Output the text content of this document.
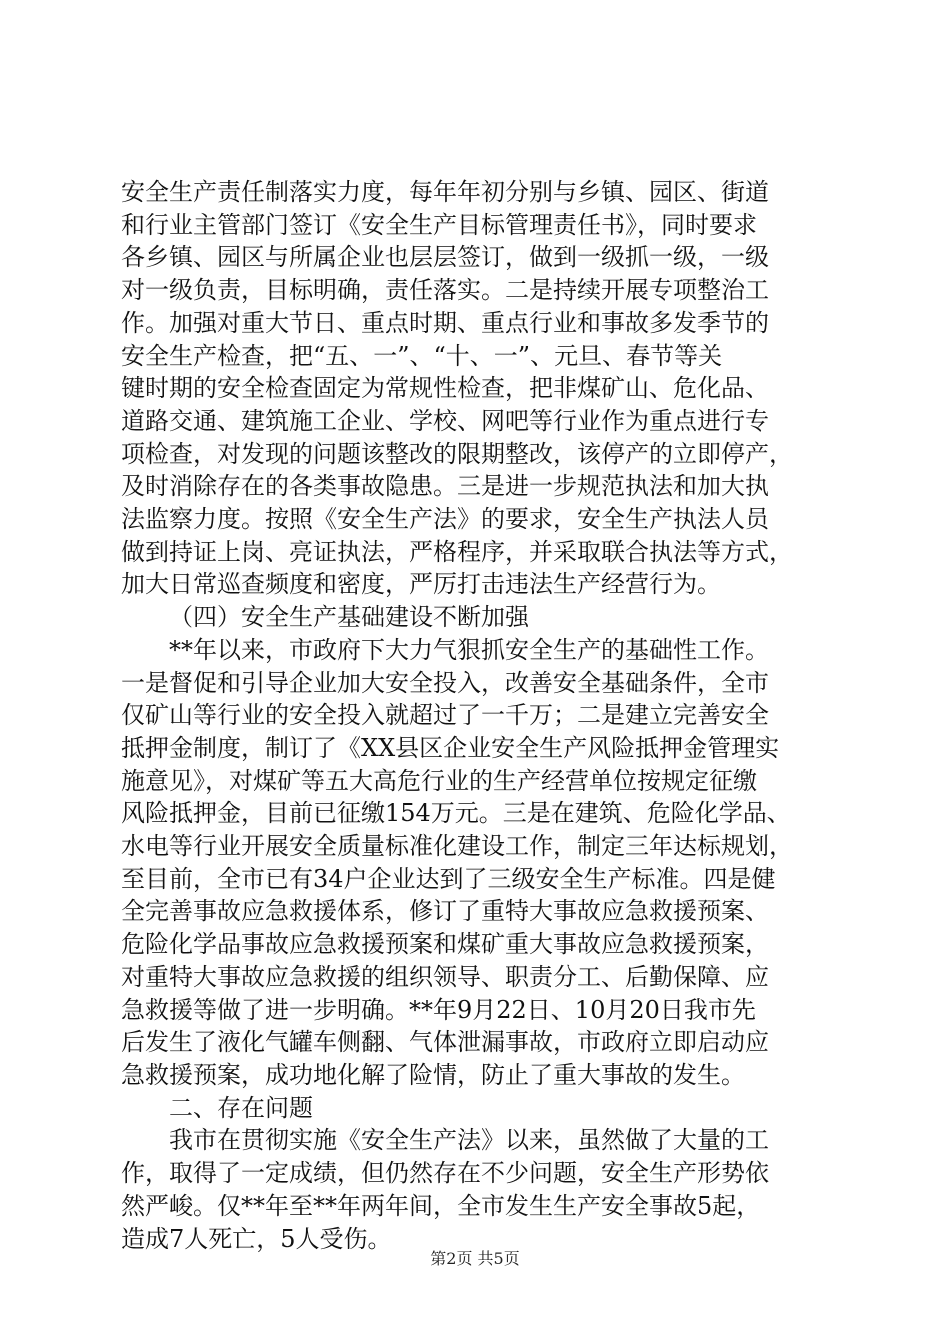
安全生产责任制落实力度，每年年初分别与乡镇、园区、街道
和行业主管部门签订《安全生产目标管理责任书》，同时要求
各乡镇、园区与所属企业也层层签订，做到一级抓一级，一级
对一级负责，目标明确，责任落实。二是持续开展专项整治工
作。加强对重大节日、重点时期、重点行业和事故多发季节的
安全生产检查，把“五、一”、“十、一”、元旦、春节等关
键时期的安全检查固定为常规性检查，把非煤矿山、危化品、
道路交通、建筑施工企业、学校、网吧等行业作为重点进行专
项检查，对发现的问题该整改的限期整改，该停产的立即停产，
及时消除存在的各类事故隐患。三是进一步规范执法和加大执
法监察力度。按照《安全生产法》的要求，安全生产执法人员
做到持证上岗、亮证执法，严格程序，并采取联合执法等方式，
加大日常巡查频度和密度，严厉打击违法生产经营行为。
（四）安全生产基础建设不断加强
**年以来，市政府下大力气狠抓安全生产的基础性工作。
一是督促和引导企业加大安全投入，改善安全基础条件，全市
仅矿山等行业的安全投入就超过了一千万；二是建立完善安全
抵押金制度，制订了《XX县区企业安全生产风险抵押金管理实
施意见》，对煤矿等五大高危行业的生产经营单位按规定征缴
风险抵押金，目前已征缴154万元。三是在建筑、危险化学品、
水电等行业开展安全质量标准化建设工作，制定三年达标规划，
至目前，全市已有34户企业达到了三级安全生产标准。四是健
全完善事故应急救援体系，修订了重特大事故应急救援预案、
危险化学品事故应急救援预案和煤矿重大事故应急救援预案，
对重特大事故应急救援的组织领导、职责分工、后勤保障、应
急救援等做了进一步明确。**年9月22日、10月20日我市先
后发生了液化气罐车侧翻、气体泄漏事故，市政府立即启动应
急救援预案，成功地化解了险情，防止了重大事故的发生。
二、存在问题
我市在贯彻实施《安全生产法》以来，虽然做了大量的工
作，取得了一定成绩，但仍然存在不少问题，安全生产形势依
然严峻。仅**年至**年两年间，全市发生生产安全事故5起，
造成7人死亡，5人受伤。
第2页 共5页
